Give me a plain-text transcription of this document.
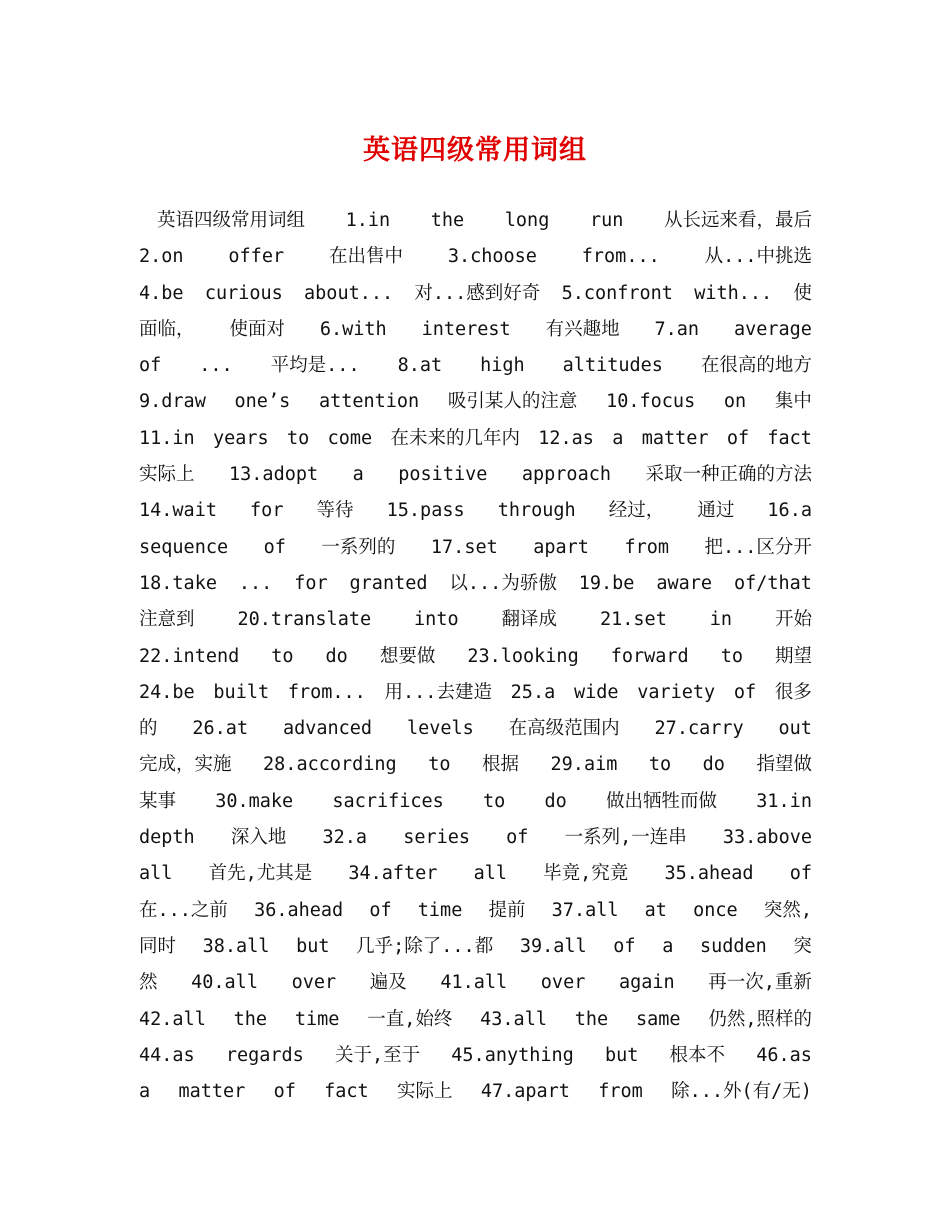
英语四级常用词组
英语四级常用词组 1.in the long run 从长远来看，最后
2.on offer 在出售中 3.choose from... 从...中挑选
4.be curious about... 对...感到好奇 5.confront with... 使
面临， 使面对 6.with interest 有兴趣地 7.an average
of ... 平均是... 8.at high altitudes 在很高的地方
9.draw one’s attention 吸引某人的注意 10.focus on 集中
11.in years to come 在未来的几年内 12.as a matter of fact
实际上 13.adopt a positive approach 采取一种正确的方法
14.wait for 等待 15.pass through 经过， 通过 16.a
sequence of 一系列的 17.set apart from 把...区分开
18.take ... for granted 以...为骄傲 19.be aware of/that
注意到 20.translate into 翻译成 21.set in 开始
22.intend to do 想要做 23.looking forward to 期望
24.be built from... 用...去建造 25.a wide variety of 很多
的 26.at advanced levels 在高级范围内 27.carry out
完成，实施 28.according to 根据 29.aim to do 指望做
某事 30.make sacrifices to do 做出牺牲而做 31.in
depth 深入地 32.a series of 一系列,一连串 33.above
all 首先,尤其是 34.after all 毕竟,究竟 35.ahead of
在...之前 36.ahead of time 提前 37.all at once 突然,
同时 38.all but 几乎;除了...都 39.all of a sudden 突
然 40.all over 遍及 41.all over again 再一次,重新
42.all the time 一直,始终 43.all the same 仍然,照样的
44.as regards 关于,至于 45.anything but 根本不 46.as
a matter of fact 实际上 47.apart from 除...外(有/无)
